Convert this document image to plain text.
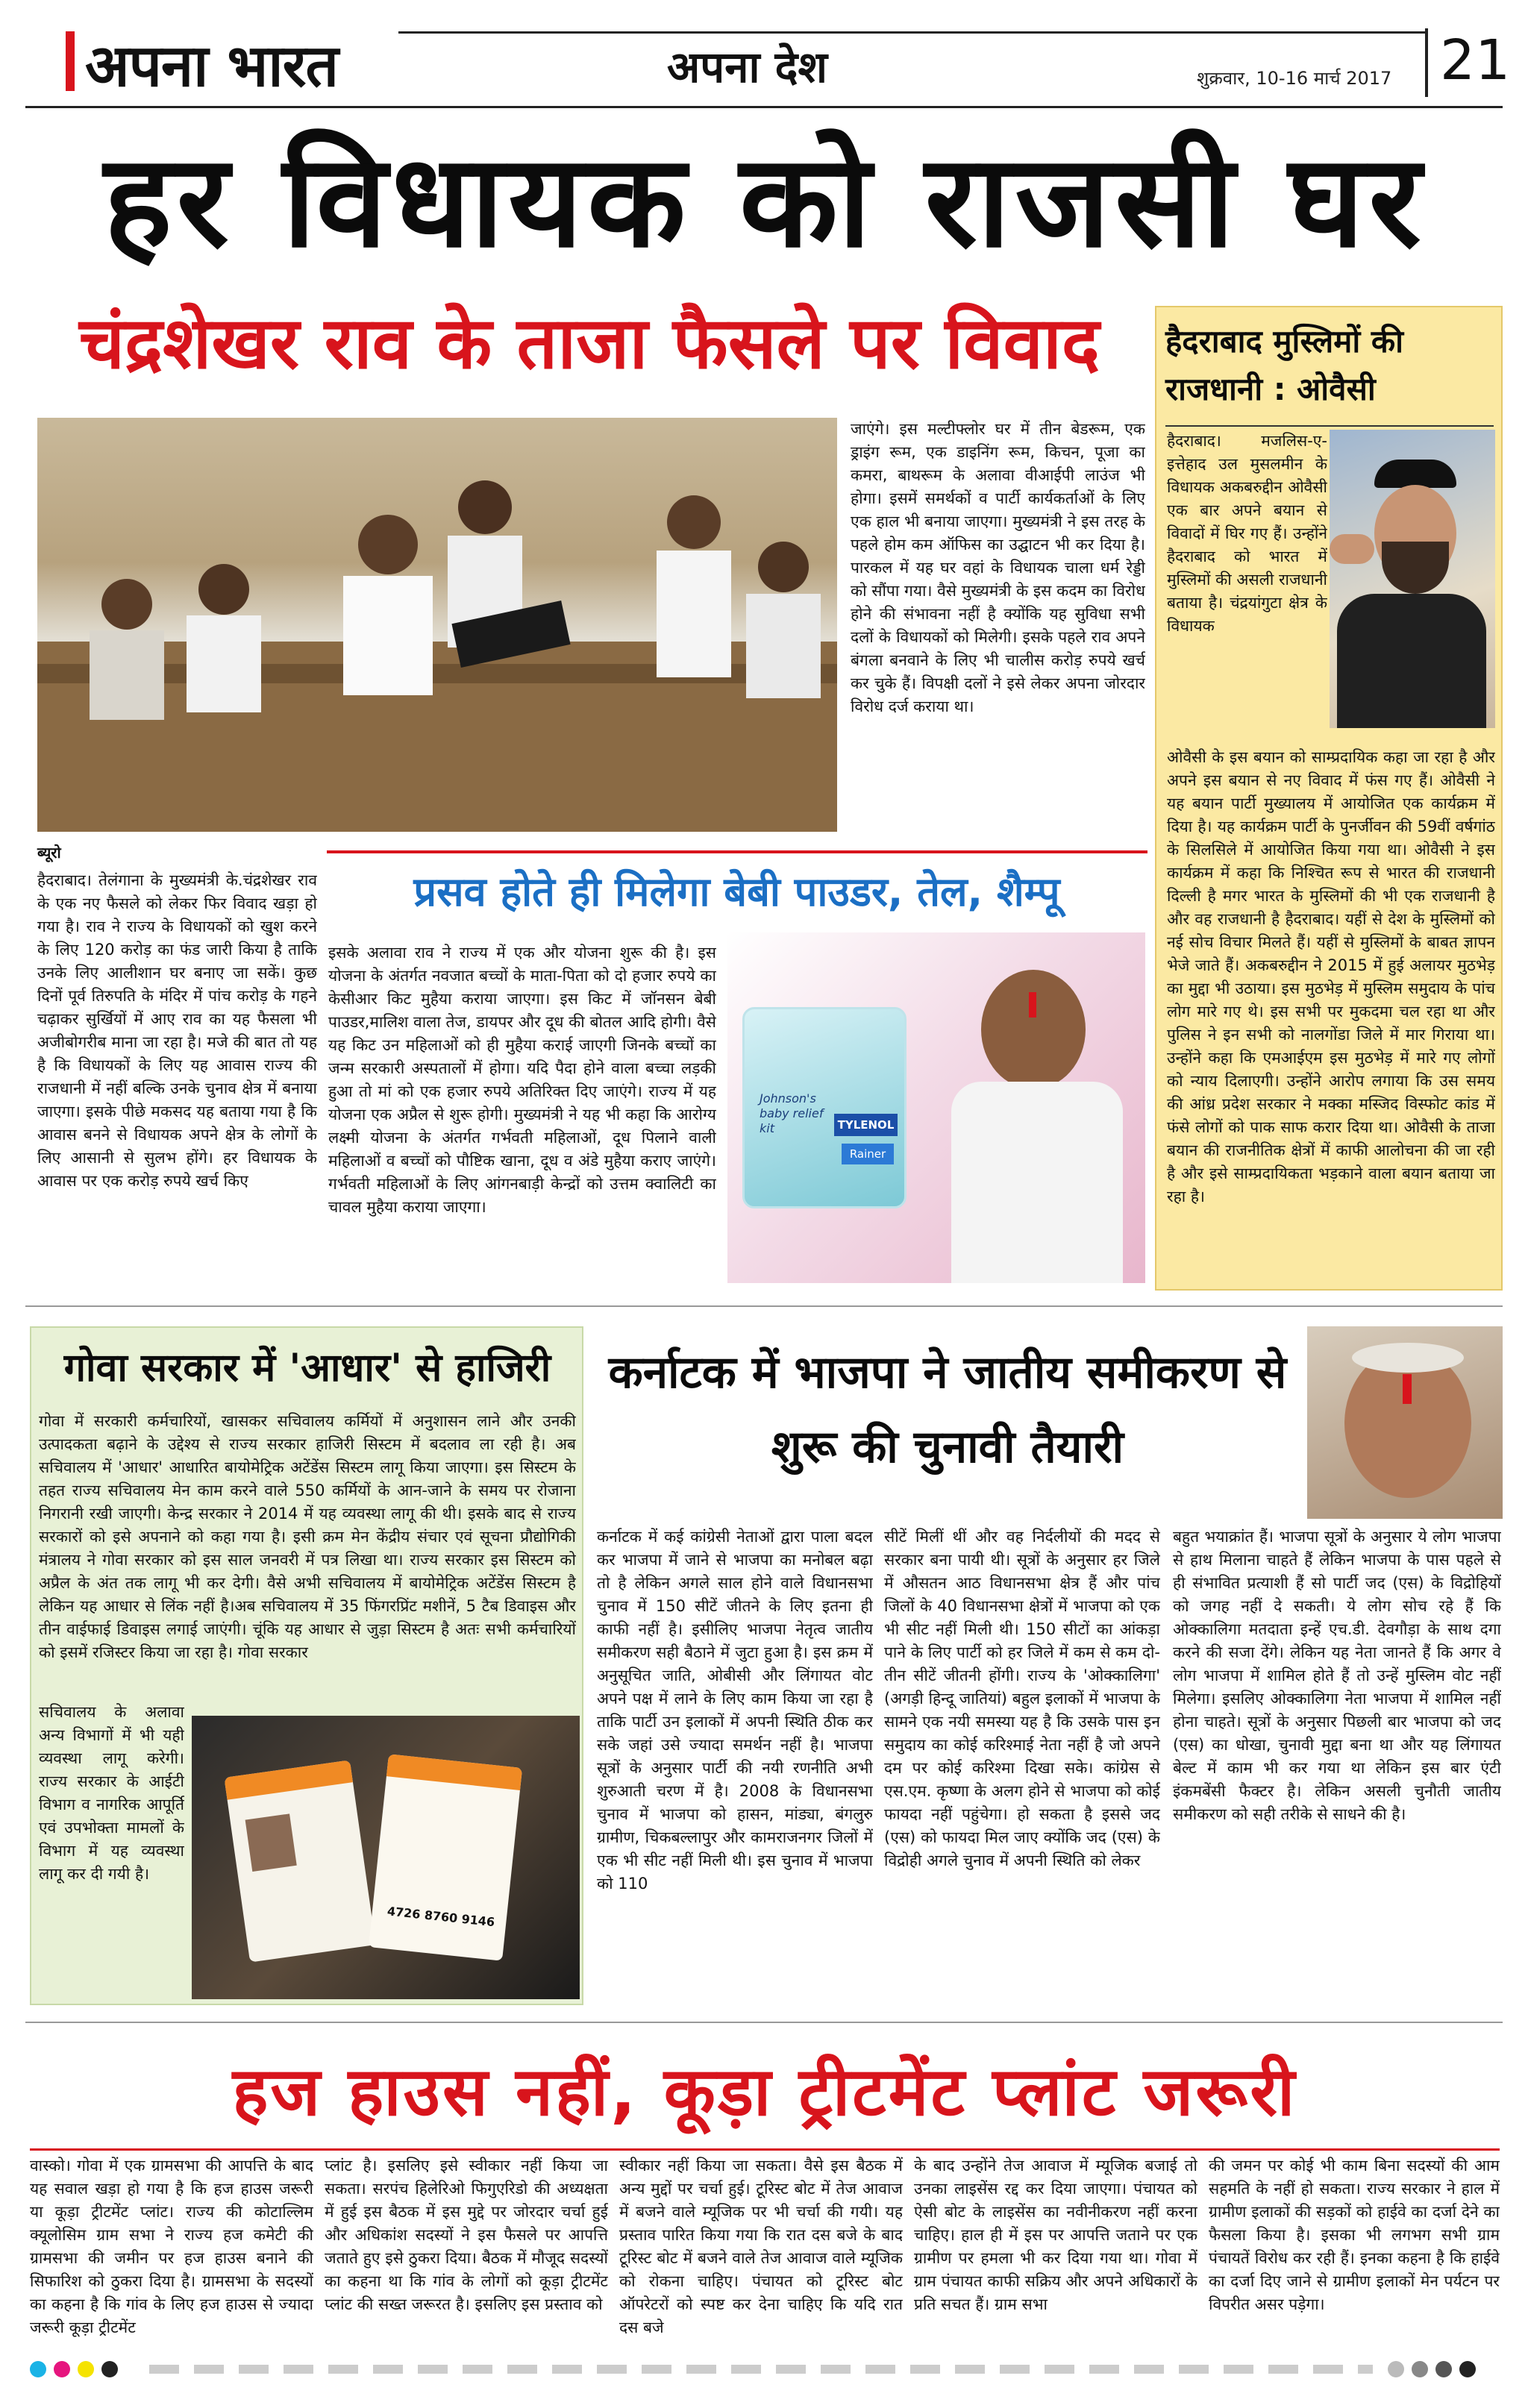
अपना भारत	अपना देश	शुक्रवार, 10-16 मार्च 2017 21
हर विधायक को राजसी घर
चंद्रशेखर राव के ताजा फैसले पर विवाद
जाएंगे। इस मल्टीफ्लोर घर में तीन बेडरूम, एक ड्राइंग रूम, एक डाइनिंग रूम, किचन, पूजा का कमरा, बाथरूम के अलावा वीआईपी लाउंज भी होगा। इसमें समर्थकों व पार्टी कार्यकर्ताओं के लिए एक हाल भी बनाया जाएगा। मुख्यमंत्री ने इस तरह के पहले होम कम ऑफिस का उद्घाटन भी कर दिया है। पारकल में यह घर वहां के विधायक चाला धर्म रेड्डी को सौंपा गया। वैसे मुख्यमंत्री के इस कदम का विरोध होने की संभावना नहीं है क्योंकि यह सुविधा सभी दलों के विधायकों को मिलेगी। इसके पहले राव अपने बंगला बनवाने के लिए भी चालीस करोड़ रुपये खर्च कर चुके हैं। विपक्षी दलों ने इसे लेकर अपना जोरदार विरोध दर्ज कराया था।
ब्यूरो
हैदराबाद। तेलंगाना के मुख्यमंत्री के.चंद्रशेखर राव के एक नए फैसले को लेकर फिर विवाद खड़ा हो गया है। राव ने राज्य के विधायकों को खुश करने के लिए 120 करोड़ का फंड जारी किया है ताकि उनके लिए आलीशान घर बनाए जा सकें। कुछ दिनों पूर्व तिरुपति के मंदिर में पांच करोड़ के गहने चढ़ाकर सुर्खियों में आए राव का यह फैसला भी अजीबोगरीब माना जा रहा है। मजे की बात तो यह है कि विधायकों के लिए यह आवास राज्य की राजधानी में नहीं बल्कि उनके चुनाव क्षेत्र में बनाया जाएगा। इसके पीछे मकसद यह बताया गया है कि आवास बनने से विधायक अपने क्षेत्र के लोगों के लिए आसानी से सुलभ होंगे। हर विधायक के आवास पर एक करोड़ रुपये खर्च किए
प्रसव होते ही मिलेगा बेबी पाउडर, तेल, शैम्पू
इसके अलावा राव ने राज्य में एक और योजना शुरू की है। इस योजना के अंतर्गत नवजात बच्चों के माता-पिता को दो हजार रुपये का केसीआर किट मुहैया कराया जाएगा। इस किट में जॉनसन बेबी पाउडर,मालिश वाला तेज, डायपर और दूध की बोतल आदि होगी। वैसे यह किट उन महिलाओं को ही मुहैया कराई जाएगी जिनके बच्चों का जन्म सरकारी अस्पतालों में होगा। यदि पैदा होने वाला बच्चा लड़की हुआ तो मां को एक हजार रुपये अतिरिक्त दिए जाएंगे। राज्य में यह योजना एक अप्रैल से शुरू होगी। मुख्यमंत्री ने यह भी कहा कि आरोग्य लक्ष्मी योजना के अंतर्गत गर्भवती महिलाओं, दूध पिलाने वाली महिलाओं व बच्चों को पौष्टिक खाना, दूध व अंडे मुहैया कराए जाएंगे। गर्भवती महिलाओं के लिए आंगनबाड़ी केन्द्रों को उत्तम क्वालिटी का चावल मुहैया कराया जाएगा।
Johnson's baby relief kit	TYLENOL
Rainer
हैदराबाद मुस्लिमों की राजधानी : ओवैसी
हैदराबाद। मजलिस-ए-इत्तेहाद उल मुसलमीन के विधायक अकबरुद्दीन ओवैसी एक बार अपने बयान से विवादों में घिर गए हैं। उन्होंने हैदराबाद को भारत में मुस्लिमों की असली राजधानी बताया है। चंद्रयांगुटा क्षेत्र के विधायक
ओवैसी के इस बयान को साम्प्रदायिक कहा जा रहा है और अपने इस बयान से नए विवाद में फंस गए हैं। ओवैसी ने यह बयान पार्टी मुख्यालय में आयोजित एक कार्यक्रम में दिया है। यह कार्यक्रम पार्टी के पुनर्जीवन की 59वीं वर्षगांठ के सिलसिले में आयोजित किया गया था। ओवैसी ने इस कार्यक्रम में कहा कि निश्चित रूप से भारत की राजधानी दिल्ली है मगर भारत के मुस्लिमों की भी एक राजधानी है और वह राजधानी है हैदराबाद। यहीं से देश के मुस्लिमों को नई सोच विचार मिलते हैं। यहीं से मुस्लिमों के बाबत ज्ञापन भेजे जाते हैं। अकबरुद्दीन ने 2015 में हुई अलायर मुठभेड़ का मुद्दा भी उठाया। इस मुठभेड़ में मुस्लिम समुदाय के पांच लोग मारे गए थे। इस सभी पर मुकदमा चल रहा था और पुलिस ने इन सभी को नालगोंडा जिले में मार गिराया था। उन्होंने कहा कि एमआईएम इस मुठभेड़ में मारे गए लोगों को न्याय दिलाएगी। उन्होंने आरोप लगाया कि उस समय की आंध्र प्रदेश सरकार ने मक्का मस्जिद विस्फोट कांड में फंसे लोगों को पाक साफ करार दिया था। ओवैसी के ताजा बयान की राजनीतिक क्षेत्रों में काफी आलोचना की जा रही है और इसे साम्प्रदायिकता भड़काने वाला बयान बताया जा रहा है।
गोवा सरकार में 'आधार' से हाजिरी
गोवा में सरकारी कर्मचारियों, खासकर सचिवालय कर्मियों में अनुशासन लाने और उनकी उत्पादकता बढ़ाने के उद्देश्य से राज्य सरकार हाजिरी सिस्टम में बदलाव ला रही है। अब सचिवालय में 'आधार' आधारित बायोमेट्रिक अटेंडेंस सिस्टम लागू किया जाएगा। इस सिस्टम के तहत राज्य सचिवालय मेन काम करने वाले 550 कर्मियों के आन-जाने के समय पर रोजाना निगरानी रखी जाएगी। केन्द्र सरकार ने 2014 में यह व्यवस्था लागू की थी। इसके बाद से राज्य सरकारों को इसे अपनाने को कहा गया है। इसी क्रम मेन केंद्रीय संचार एवं सूचना प्रौद्योगिकी मंत्रालय ने गोवा सरकार को इस साल जनवरी में पत्र लिखा था। राज्य सरकार इस सिस्टम को अप्रैल के अंत तक लागू भी कर देगी। वैसे अभी सचिवालय में बायोमेट्रिक अटेंडेंस सिस्टम है लेकिन यह आधार से लिंक नहीं है।अब सचिवालय में 35 फिंगरप्रिंट मशीनें, 5 टैब डिवाइस और तीन वाईफाई डिवाइस लगाई जाएंगी। चूंकि यह आधार से जुड़ा सिस्टम है अतः सभी कर्मचारियों को इसमें रजिस्टर किया जा रहा है। गोवा सरकार
सचिवालय के अलावा अन्य विभागों में भी यही व्यवस्था लागू करेगी। राज्य सरकार के आईटी विभाग व नागरिक आपूर्ति एवं उपभोक्ता मामलों के विभाग में यह व्यवस्था लागू कर दी गयी है।
4726 8760 9146
कर्नाटक में भाजपा ने जातीय समीकरण से शुरू की चुनावी तैयारी
कर्नाटक में कई कांग्रेसी नेताओं द्वारा पाला बदल कर भाजपा में जाने से भाजपा का मनोबल बढ़ा तो है लेकिन अगले साल होने वाले विधानसभा चुनाव में 150 सीटें जीतने के लिए इतना ही काफी नहीं है। इसीलिए भाजपा नेतृत्व जातीय समीकरण सही बैठाने में जुटा हुआ है। इस क्रम में अनुसूचित जाति, ओबीसी और लिंगायत वोट अपने पक्ष में लाने के लिए काम किया जा रहा है ताकि पार्टी उन इलाकों में अपनी स्थिति ठीक कर सके जहां उसे ज्यादा समर्थन नहीं है। भाजपा सूत्रों के अनुसार पार्टी की नयी रणनीति अभी शुरुआती चरण में है। 2008 के विधानसभा चुनाव में भाजपा को हासन, मांड्या, बंगलुरु ग्रामीण, चिकबल्लापुर और कामराजनगर जिलों में एक भी सीट नहीं मिली थी। इस चुनाव में भाजपा को 110
सीटें मिलीं थीं और वह निर्दलीयों की मदद से सरकार बना पायी थी। सूत्रों के अनुसार हर जिले में औसतन आठ विधानसभा क्षेत्र हैं और पांच जिलों के 40 विधानसभा क्षेत्रों में भाजपा को एक भी सीट नहीं मिली थी। 150 सीटों का आंकड़ा पाने के लिए पार्टी को हर जिले में कम से कम दो-तीन सीटें जीतनी होंगी। राज्य के 'ओक्कालिगा' (अगड़ी हिन्दू जातियां) बहुल इलाकों में भाजपा के सामने एक नयी समस्या यह है कि उसके पास इन समुदाय का कोई करिश्माई नेता नहीं है जो अपने दम पर कोई करिश्मा दिखा सके। कांग्रेस से एस.एम. कृष्णा के अलग होने से भाजपा को कोई फायदा नहीं पहुंचेगा। हो सकता है इससे जद (एस) को फायदा मिल जाए क्योंकि जद (एस) के विद्रोही अगले चुनाव में अपनी स्थिति को लेकर
बहुत भयाक्रांत हैं। भाजपा सूत्रों के अनुसार ये लोग भाजपा से हाथ मिलाना चाहते हैं लेकिन भाजपा के पास पहले से ही संभावित प्रत्याशी हैं सो पार्टी जद (एस) के विद्रोहियों को जगह नहीं दे सकती। ये लोग सोच रहे हैं कि ओक्कालिगा मतदाता इन्हें एच.डी. देवगौड़ा के साथ दगा करने की सजा देंगे। लेकिन यह नेता जानते हैं कि अगर वे लोग भाजपा में शामिल होते हैं तो उन्हें मुस्लिम वोट नहीं मिलेगा। इसलिए ओक्कालिगा नेता भाजपा में शामिल नहीं होना चाहते। सूत्रों के अनुसार पिछली बार भाजपा को जद (एस) का धोखा, चुनावी मुद्दा बना था और यह लिंगायत बेल्ट में काम भी कर गया था लेकिन इस बार एंटी इंकमबेंसी फैक्टर है। लेकिन असली चुनौती जातीय समीकरण को सही तरीके से साधने की है।
हज हाउस नहीं, कूड़ा ट्रीटमेंट प्लांट जरूरी
वास्को। गोवा में एक ग्रामसभा की आपत्ति के बाद यह सवाल खड़ा हो गया है कि हज हाउस जरूरी या कूड़ा ट्रीटमेंट प्लांट। राज्य की कोटाल्लिम क्यूलोसिम ग्राम सभा ने राज्य हज कमेटी की ग्रामसभा की जमीन पर हज हाउस बनाने की सिफारिश को ठुकरा दिया है। ग्रामसभा के सदस्यों का कहना है कि गांव के लिए हज हाउस से ज्यादा जरूरी कूड़ा ट्रीटमेंट
प्लांट है। इसलिए इसे स्वीकार नहीं किया जा सकता। सरपंच हिलेरिओ फिगुएरिडो की अध्यक्षता में हुई इस बैठक में इस मुद्दे पर जोरदार चर्चा हुई और अधिकांश सदस्यों ने इस फैसले पर आपत्ति जताते हुए इसे ठुकरा दिया। बैठक में मौजूद सदस्यों का कहना था कि गांव के लोगों को कूड़ा ट्रीटमेंट प्लांट की सख्त जरूरत है। इसलिए इस प्रस्ताव को
स्वीकार नहीं किया जा सकता। वैसे इस बैठक में अन्य मुद्दों पर चर्चा हुई। टूरिस्ट बोट में तेज आवाज में बजने वाले म्यूजिक पर भी चर्चा की गयी। यह प्रस्ताव पारित किया गया कि रात दस बजे के बाद टूरिस्ट बोट में बजने वाले तेज आवाज वाले म्यूजिक को रोकना चाहिए। पंचायत को टूरिस्ट बोट ऑपरेटरों को स्पष्ट कर देना चाहिए कि यदि रात दस बजे
के बाद उन्होंने तेज आवाज में म्यूजिक बजाई तो उनका लाइसेंस रद्द कर दिया जाएगा। पंचायत को ऐसी बोट के लाइसेंस का नवीनीकरण नहीं करना चाहिए। हाल ही में इस पर आपत्ति जताने पर एक ग्रामीण पर हमला भी कर दिया गया था। गोवा में ग्राम पंचायत काफी सक्रिय और अपने अधिकारों के प्रति सचत हैं। ग्राम सभा
की जमन पर कोई भी काम बिना सदस्यों की आम सहमति के नहीं हो सकता। राज्य सरकार ने हाल में ग्रामीण इलाकों की सड़कों को हाईवे का दर्जा देने का फैसला किया है। इसका भी लगभग सभी ग्राम पंचायतें विरोध कर रही हैं। इनका कहना है कि हाईवे का दर्जा दिए जाने से ग्रामीण इलाकों मेन पर्यटन पर विपरीत असर पड़ेगा।
